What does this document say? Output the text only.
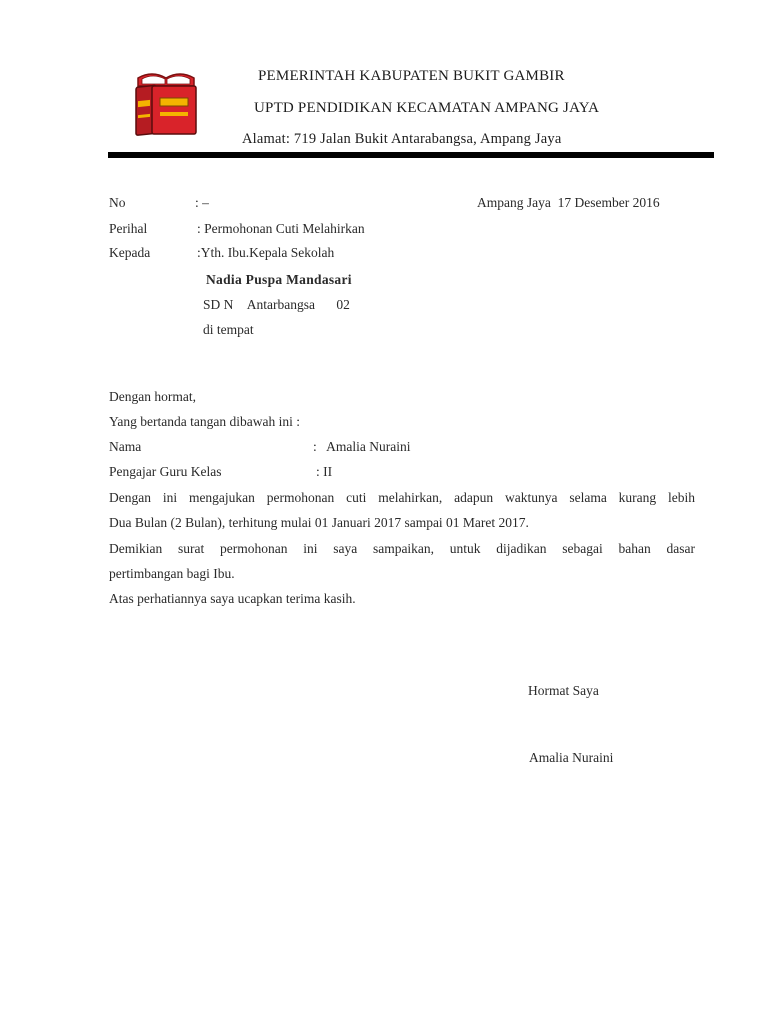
PEMERINTAH KABUPATEN BUKIT GAMBIR
UPTD PENDIDIKAN KECAMATAN AMPANG JAYA
Alamat: 719 Jalan Bukit Antarabangsa, Ampang Jaya
No	: –	Ampang Jaya  17 Desember 2016
Perihal	: Permohonan Cuti Melahirkan
Kepada	:Yth. Ibu.Kepala Sekolah
Nadia Puspa Mandasari
SD N Antarbangsa 02
di tempat
Dengan hormat,
Yang bertanda tangan dibawah ini :
Nama	:   Amalia Nuraini
Pengajar Guru Kelas	: II
Dengan ini mengajukan permohonan cuti melahirkan, adapun waktunya selama kurang lebih
Dua Bulan (2 Bulan), terhitung mulai 01 Januari 2017 sampai 01 Maret 2017.
Demikian surat permohonan ini saya sampaikan, untuk dijadikan sebagai bahan dasar
pertimbangan bagi Ibu.
Atas perhatiannya saya ucapkan terima kasih.
Hormat Saya
Amalia Nuraini
